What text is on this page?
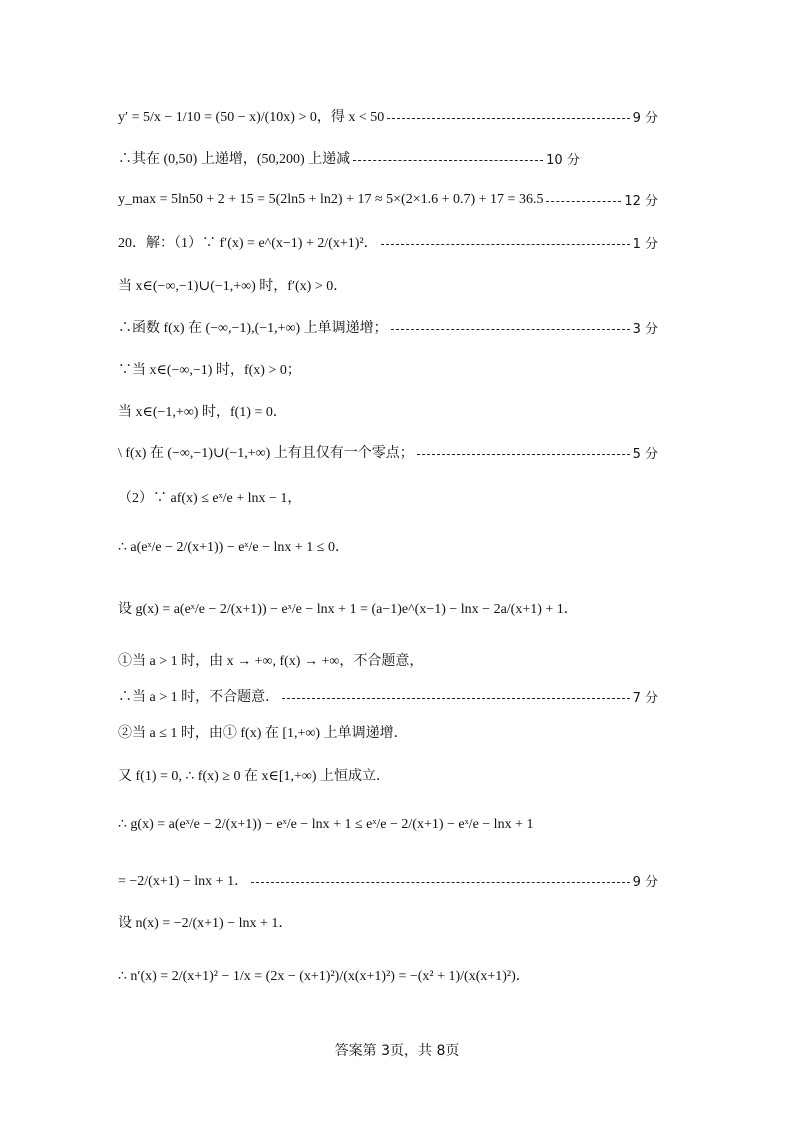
y′ = 5/x − 1/10 = (50 − x)/(10x) > 0，得 x < 50	9 分
∴其在 (0,50) 上递增，(50,200) 上递减	10 分
y_max = 5ln50 + 2 + 15 = 5(2ln5 + ln2) + 17 ≈ 5×(2×1.6 + 0.7) + 17 = 36.5	12 分
20．解：（1）∵ f′(x) = e^(x−1) + 2/(x+1)²．	1 分
当 x∈(−∞,−1)∪(−1,+∞) 时，f′(x) > 0．
∴函数 f(x) 在 (−∞,−1),(−1,+∞) 上单调递增；	3 分
∵当 x∈(−∞,−1) 时，f(x) > 0；
当 x∈(−1,+∞) 时，f(1) = 0．
\ f(x) 在 (−∞,−1)∪(−1,+∞) 上有且仅有一个零点；	5 分
（2）∵ af(x) ≤ eˣ/e + lnx − 1，
∴ a(eˣ/e − 2/(x+1)) − eˣ/e − lnx + 1 ≤ 0．
设 g(x) = a(eˣ/e − 2/(x+1)) − eˣ/e − lnx + 1 = (a−1)e^(x−1) − lnx − 2a/(x+1) + 1．
①当 a > 1 时，由 x → +∞, f(x) → +∞，不合题意，
∴当 a > 1 时，不合题意．	7 分
②当 a ≤ 1 时，由① f(x) 在 [1,+∞) 上单调递增．
又 f(1) = 0, ∴ f(x) ≥ 0 在 x∈[1,+∞) 上恒成立．
∴ g(x) = a(eˣ/e − 2/(x+1)) − eˣ/e − lnx + 1 ≤ eˣ/e − 2/(x+1) − eˣ/e − lnx + 1
= −2/(x+1) − lnx + 1．	9 分
设 n(x) = −2/(x+1) − lnx + 1．
∴ n′(x) = 2/(x+1)² − 1/x = (2x − (x+1)²)/(x(x+1)²) = −(x² + 1)/(x(x+1)²)．
答案第 3页，共 8页
